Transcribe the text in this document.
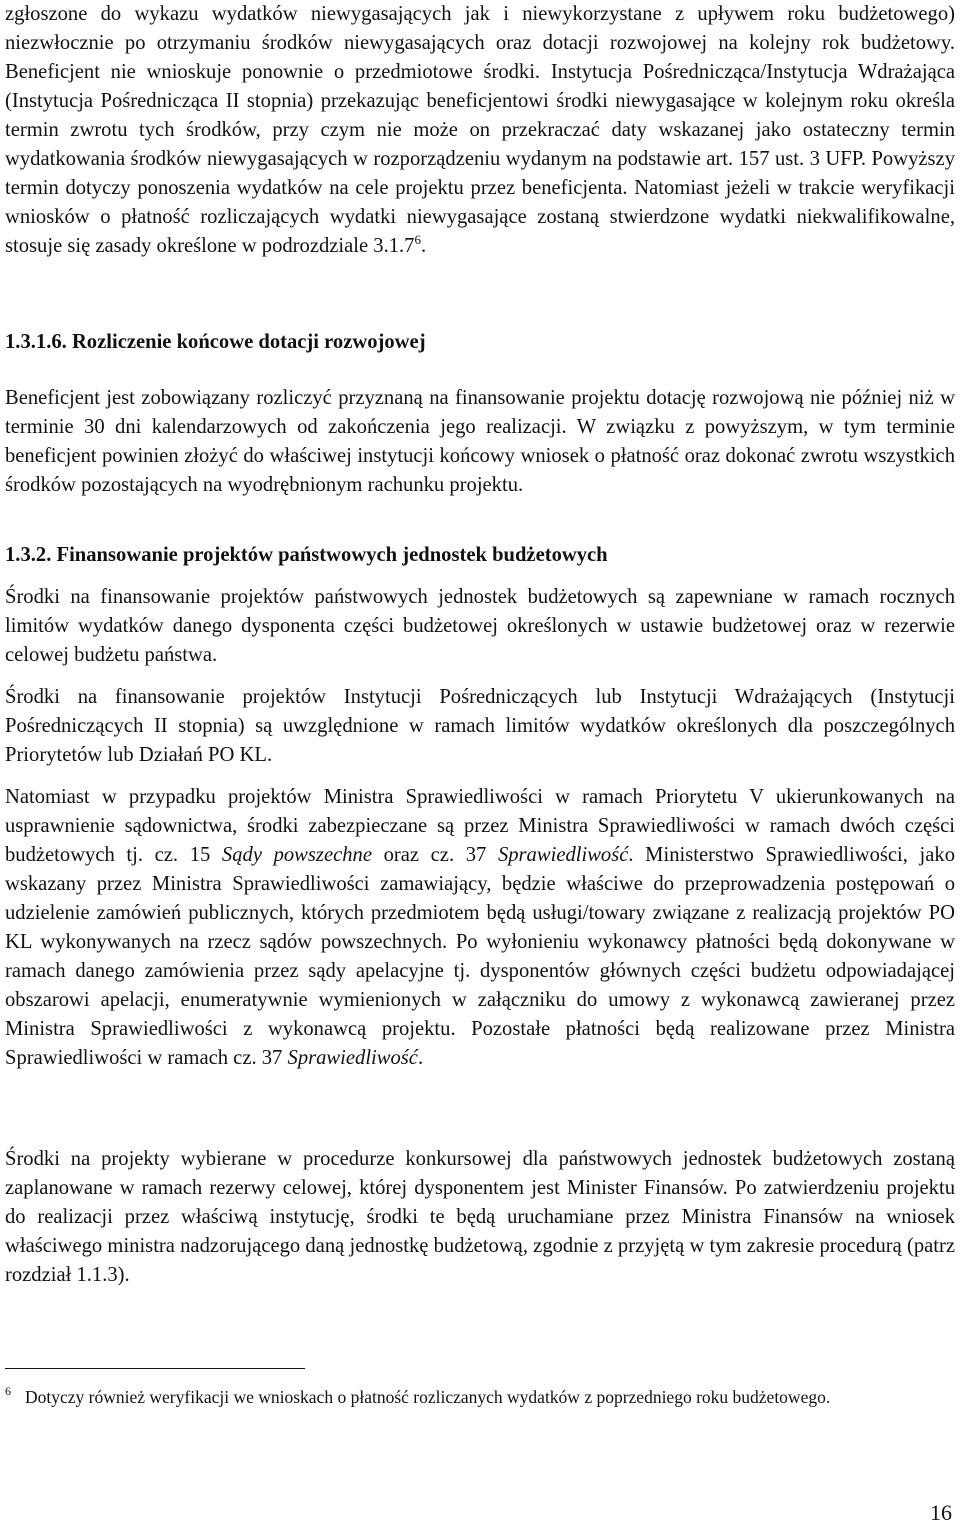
zgłoszone do wykazu wydatków niewygasających jak i niewykorzystane z upływem roku budżetowego) niezwłocznie po otrzymaniu środków niewygasających oraz dotacji rozwojowej na kolejny rok budżetowy. Beneficjent nie wnioskuje ponownie o przedmiotowe środki. Instytucja Pośrednicząca/Instytucja Wdrażająca (Instytucja Pośrednicząca II stopnia) przekazując beneficjentowi środki niewygasające w kolejnym roku określa termin zwrotu tych środków, przy czym nie może on przekraczać daty wskazanej jako ostateczny termin wydatkowania środków niewygasających w rozporządzeniu wydanym na podstawie art. 157 ust. 3 UFP. Powyższy termin dotyczy ponoszenia wydatków na cele projektu przez beneficjenta. Natomiast jeżeli w trakcie weryfikacji wniosków o płatność rozliczających wydatki niewygasające zostaną stwierdzone wydatki niekwalifikowalne, stosuje się zasady określone w podrozdziale 3.1.7$^6$.

1.3.1.6. Rozliczenie końcowe dotacji rozwojowej

Beneficjent jest zobowiązany rozliczyć przyznaną na finansowanie projektu dotację rozwojową nie później niż w terminie 30 dni kalendarzowych od zakończenia jego realizacji. W związku z powyższym, w tym terminie beneficjent powinien złożyć do właściwej instytucji końcowy wniosek o płatność oraz dokonać zwrotu wszystkich środków pozostających na wyodrębnionym rachunku projektu.

1.3.2. Finansowanie projektów państwowych jednostek budżetowych

Środki na finansowanie projektów państwowych jednostek budżetowych są zapewniane w ramach rocznych limitów wydatków danego dysponenta części budżetowej określonych w ustawie budżetowej oraz w rezerwie celowej budżetu państwa.

Środki na finansowanie projektów Instytucji Pośredniczących lub Instytucji Wdrażających (Instytucji Pośredniczących II stopnia) są uwzględnione w ramach limitów wydatków określonych dla poszczególnych Priorytetów lub Działań PO KL.

Natomiast w przypadku projektów Ministra Sprawiedliwości w ramach Priorytetu V ukierunkowanych na usprawnienie sądownictwa, środki zabezpieczane są przez Ministra Sprawiedliwości w ramach dwóch części budżetowych tj. cz. 15 Sądy powszechne oraz cz. 37 Sprawiedliwość. Ministerstwo Sprawiedliwości, jako wskazany przez Ministra Sprawiedliwości zamawiający, będzie właściwe do przeprowadzenia postępowań o udzielenie zamówień publicznych, których przedmiotem będą usługi/towary związane z realizacją projektów PO KL wykonywanych na rzecz sądów powszechnych. Po wyłonieniu wykonawcy płatności będą dokonywane w ramach danego zamówienia przez sądy apelacyjne tj. dysponentów głównych części budżetu odpowiadającej obszarowi apelacji, enumeratywnie wymienionych w załączniku do umowy z wykonawcą zawieranej przez Ministra Sprawiedliwości z wykonawcą projektu. Pozostałe płatności będą realizowane przez Ministra Sprawiedliwości w ramach cz. 37 Sprawiedliwość.

Środki na projekty wybierane w procedurze konkursowej dla państwowych jednostek budżetowych zostaną zaplanowane w ramach rezerwy celowej, której dysponentem jest Minister Finansów. Po zatwierdzeniu projektu do realizacji przez właściwą instytucję, środki te będą uruchamiane przez Ministra Finansów na wniosek właściwego ministra nadzorującego daną jednostkę budżetową, zgodnie z przyjętą w tym zakresie procedurą (patrz rozdział 1.1.3).

$^6$ Dotyczy również weryfikacji we wnioskach o płatność rozliczanych wydatków z poprzedniego roku budżetowego.
16
